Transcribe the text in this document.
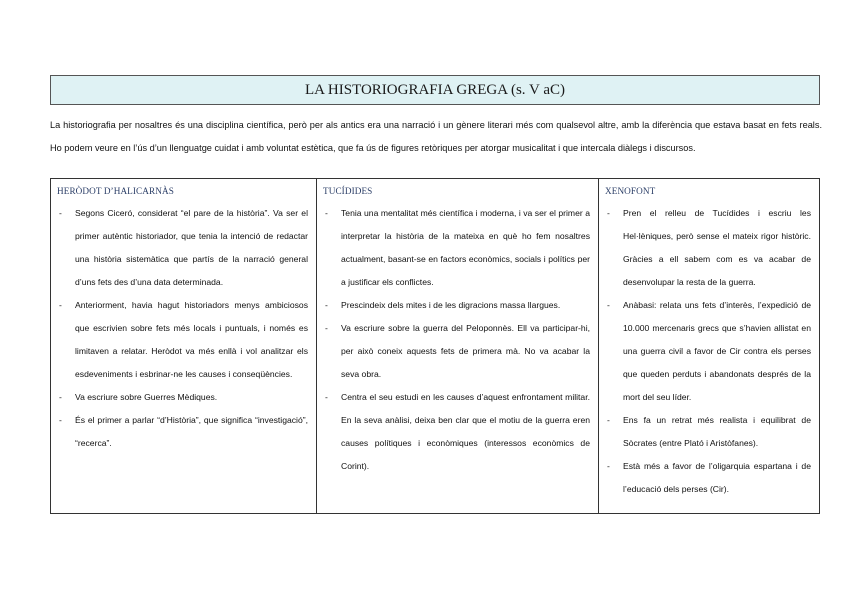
LA HISTORIOGRAFIA GREGA (s. V aC)

La historiografia per nosaltres és una disciplina científica, però per als antics era una narració i un gènere literari més com qualsevol altre, amb la diferència que estava basat en fets reals. Ho podem veure en l’ús d’un llenguatge cuidat i amb voluntat estètica, que fa ús de figures retòriques per atorgar musicalitat i que intercala diàlegs i discursos.

HERÒDOT D’HALICARNÀS
- Segons Ciceró, considerat “el pare de la història”. Va ser el primer autèntic historiador, que tenia la intenció de redactar una història sistemàtica que partís de la narració general d’uns fets des d’una data determinada.
- Anteriorment, havia hagut historiadors menys ambiciosos que escrivien sobre fets més locals i puntuals, i només es limitaven a relatar. Heròdot va més enllà i vol analitzar els esdeveniments i esbrinar-ne les causes i conseqüències.
- Va escriure sobre Guerres Mèdiques.
- És el primer a parlar “d’Història”, que significa “investigació”, “recerca”.
TUCÍDIDES
- Tenia una mentalitat més científica i moderna, i va ser el primer a interpretar la història de la mateixa en què ho fem nosaltres actualment, basant-se en factors econòmics, socials i polítics per a justificar els conflictes.
- Prescindeix dels mites i de les digracions massa llargues.
- Va escriure sobre la guerra del Peloponnès. Ell va participar-hi, per això coneix aquests fets de primera mà. No va acabar la seva obra.
- Centra el seu estudi en les causes d’aquest enfrontament militar. En la seva anàlisi, deixa ben clar que el motiu de la guerra eren causes polítiques i econòmiques (interessos econòmics de Corint).
XENOFONT
- Pren el relleu de Tucídides i escriu les Hel·lèniques, però sense el mateix rigor històric. Gràcies a ell sabem com es va acabar de desenvolupar la resta de la guerra.
- Anàbasi: relata uns fets d’interès, l’expedició de 10.000 mercenaris grecs que s’havien allistat en una guerra civil a favor de Cir contra els perses que queden perduts i abandonats després de la mort del seu líder.
- Ens fa un retrat més realista i equilibrat de Sòcrates (entre Plató i Aristòfanes).
- Està més a favor de l’oligarquia espartana i de l’educació dels perses (Cir).
